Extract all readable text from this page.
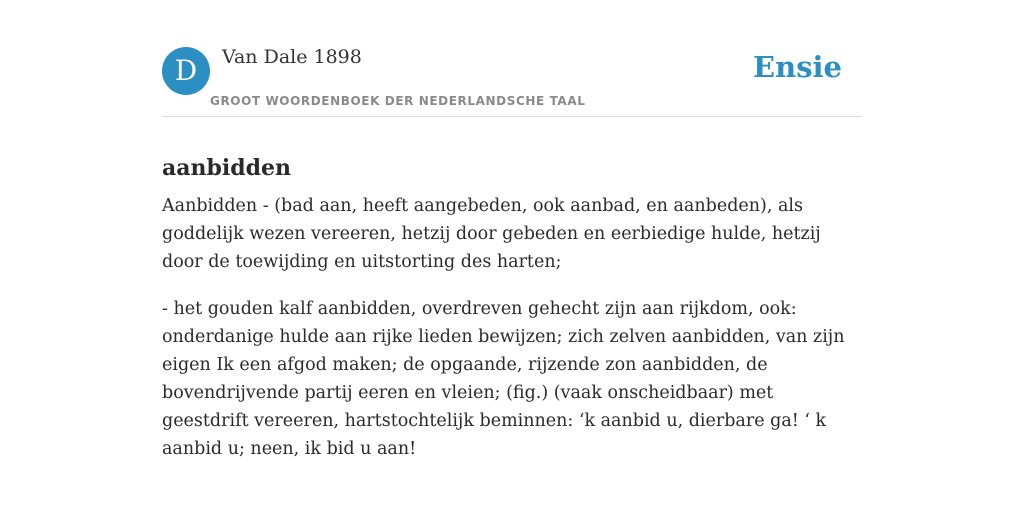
D	Van Dale 1898
GROOT WOORDENBOEK DER NEDERLANDSCHE TAAL
Ensie
aanbidden

Aanbidden - (bad aan, heeft aangebeden, ook aanbad, en aanbeden), als goddelijk wezen vereeren, hetzij door gebeden en eerbiedige hulde, hetzij door de toewijding en uitstorting des harten;

- het gouden kalf aanbidden, overdreven gehecht zijn aan rijkdom, ook: onderdanige hulde aan rijke lieden bewijzen; zich zelven aanbidden, van zijn eigen Ik een afgod maken; de opgaande, rijzende zon aanbidden, de bovendrijvende partij eeren en vleien; (fig.) (vaak onscheidbaar) met geestdrift vereeren, hartstochtelijk beminnen: ‘k aanbid u, dierbare ga! ‘ k aanbid u; neen, ik bid u aan!
